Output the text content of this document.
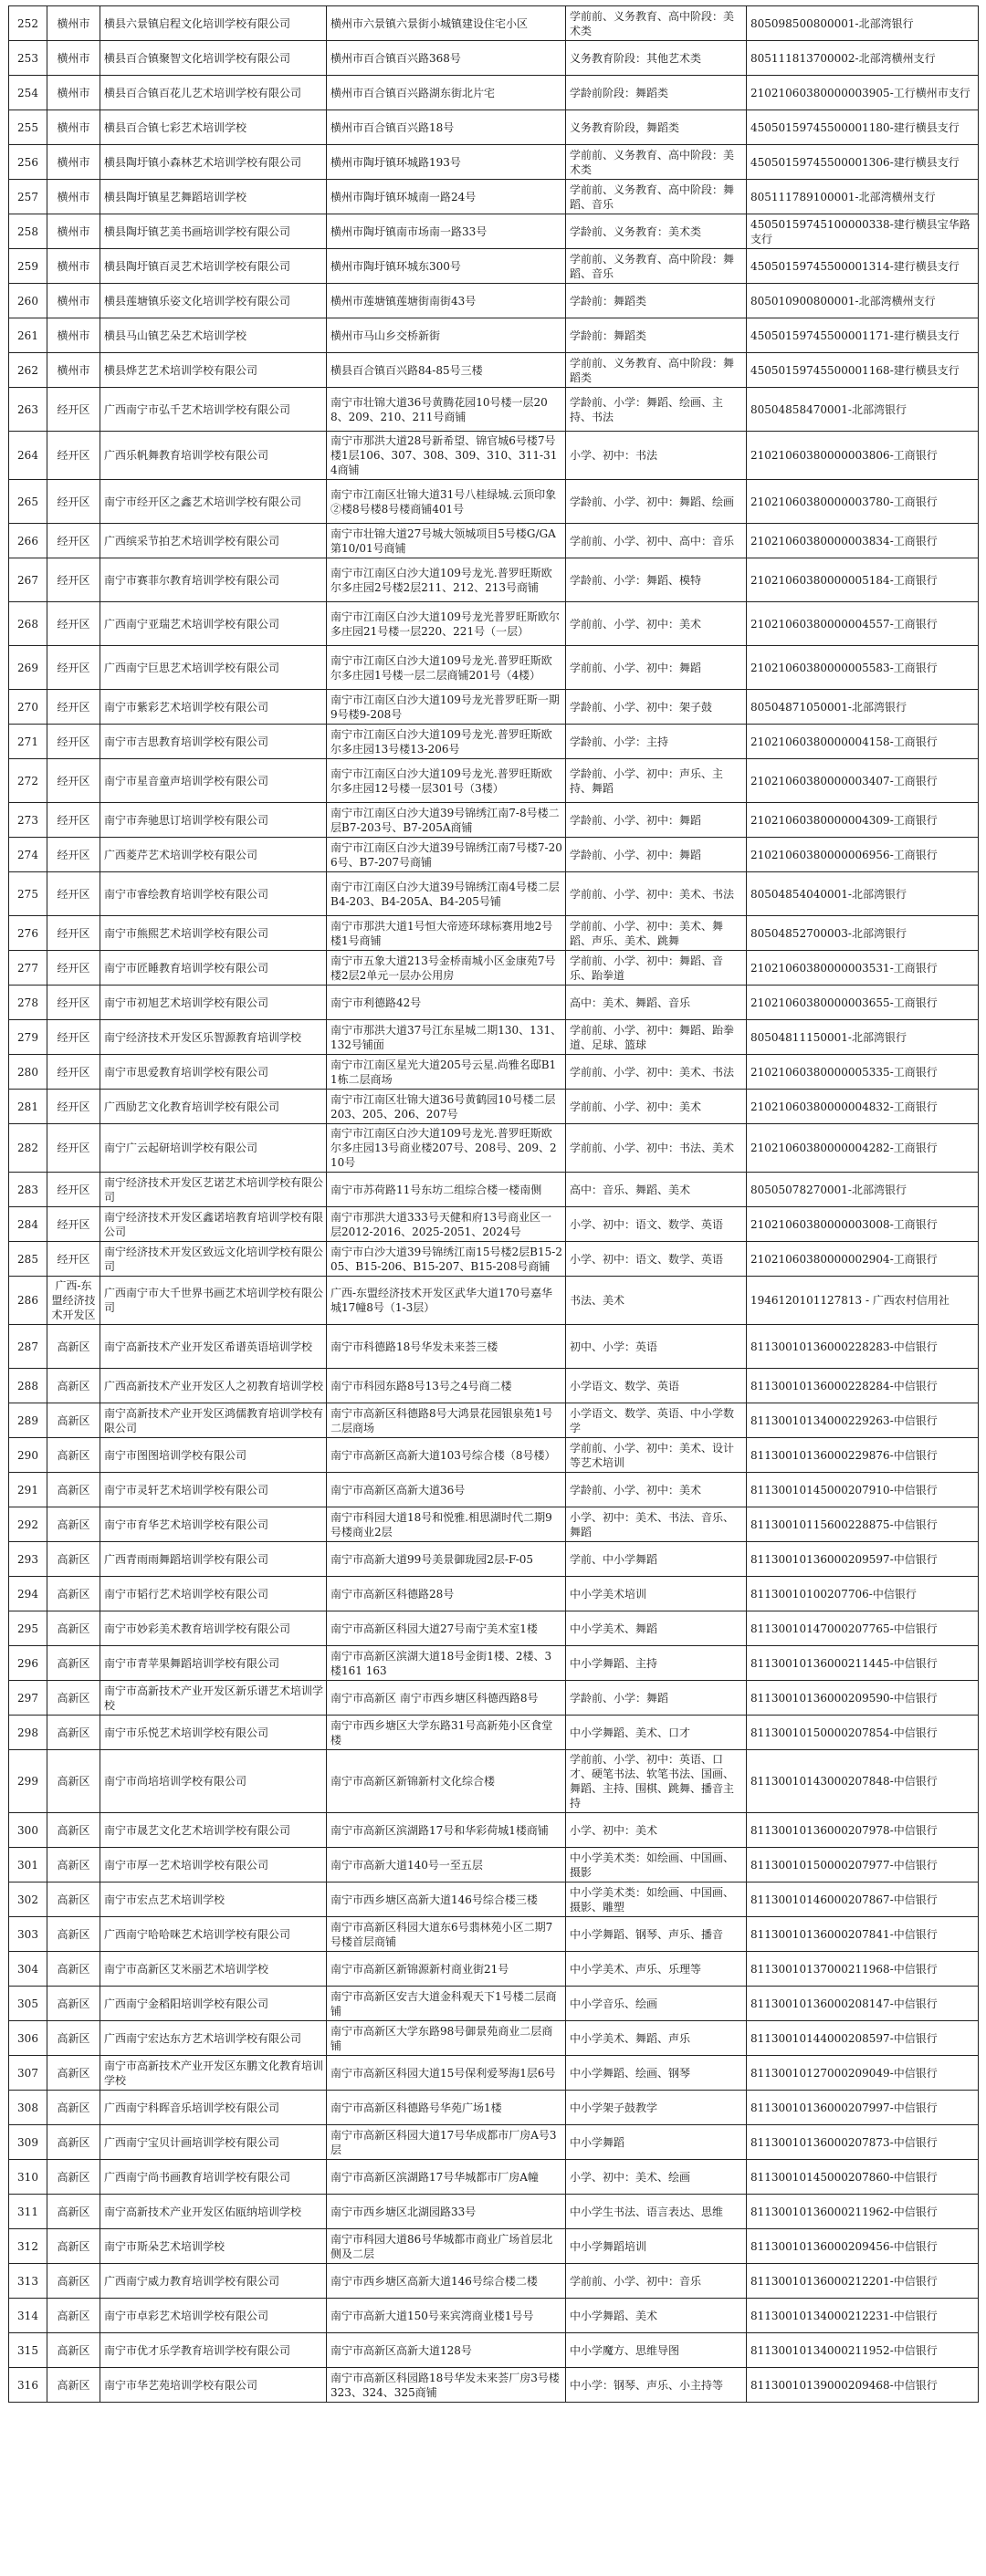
252	横州市	横县六景镇启程文化培训学校有限公司	横州市六景镇六景街小城镇建设住宅小区	学前前、义务教育、高中阶段：美术类	805098500800001-北部湾银行
253	横州市	横县百合镇聚智文化培训学校有限公司	横州市百合镇百兴路368号	义务教育阶段：其他艺术类	805111813700002-北部湾横州支行
254	横州市	横县百合镇百花儿艺术培训学校有限公司	横州市百合镇百兴路湖东街北片宅	学龄前阶段：舞蹈类	21021060380000003905-工行横州市支行
255	横州市	横县百合镇七彩艺术培训学校	横州市百合镇百兴路18号	义务教育阶段，舞蹈类	45050159745500001180-建行横县支行
256	横州市	横县陶圩镇小森林艺术培训学校有限公司	横州市陶圩镇环城路193号	学前前、义务教育、高中阶段：美术类	45050159745500001306-建行横县支行
257	横州市	横县陶圩镇星艺舞蹈培训学校	横州市陶圩镇环城南一路24号	学前前、义务教育、高中阶段：舞蹈、音乐	805111789100001-北部湾横州支行
258	横州市	横县陶圩镇艺美书画培训学校有限公司	横州市陶圩镇南市场南一路33号	学龄前、义务教育：美术类	45050159745100000338-建行横县宝华路支行
259	横州市	横县陶圩镇百灵艺术培训学校有限公司	横州市陶圩镇环城东300号	学前前、义务教育、高中阶段：舞蹈、音乐	45050159745500001314-建行横县支行
260	横州市	横县莲塘镇乐姿文化培训学校有限公司	横州市莲塘镇莲塘街南街43号	学龄前：舞蹈类	805010900800001-北部湾横州支行
261	横州市	横县马山镇艺朵艺术培训学校	横州市马山乡交桥新街	学龄前：舞蹈类	45050159745500001171-建行横县支行
262	横州市	横县烨艺艺术培训学校有限公司	横县百合镇百兴路84-85号三楼	学前前、义务教育、高中阶段：舞蹈类	45050159745500001168-建行横县支行
263	经开区	广西南宁市弘千艺术培训学校有限公司	南宁市壮锦大道36号黄腾花园10号楼一层208、209、210、211号商铺	学龄前、小学：舞蹈、绘画、主持、书法	80504858470001-北部湾银行
264	经开区	广西乐帆舞教育培训学校有限公司	南宁市那洪大道28号新希望、锦官城6号楼7号楼1层106、307、308、309、310、311-314商铺	小学、初中：书法	21021060380000003806-工商银行
265	经开区	南宁市经开区之鑫艺术培训学校有限公司	南宁市江南区壮锦大道31号八桂绿城.云顶印象②楼8号楼8号楼商铺401号	学龄前、小学、初中：舞蹈、绘画	21021060380000003780-工商银行
266	经开区	广西缤采节拍艺术培训学校有限公司	南宁市壮锦大道27号城大领城项目5号楼G/GA第10/01号商铺	学前前、小学、初中、高中：音乐	21021060380000003834-工商银行
267	经开区	南宁市赛菲尔教育培训学校有限公司	南宁市江南区白沙大道109号龙光.普罗旺斯欧尔多庄园2号楼2层211、212、213号商铺	学龄前、小学：舞蹈、模特	21021060380000005184-工商银行
268	经开区	广西南宁亚瑞艺术培训学校有限公司	南宁市江南区白沙大道109号龙光普罗旺斯欧尔多庄园21号楼一层220、221号（一层）	学前前、小学、初中：美术	21021060380000004557-工商银行
269	经开区	广西南宁巨思艺术培训学校有限公司	南宁市江南区白沙大道109号龙光.普罗旺斯欧尔多庄园1号楼一层二层商铺201号（4楼）	学前前、小学、初中：舞蹈	21021060380000005583-工商银行
270	经开区	南宁市紫彩艺术培训学校有限公司	南宁市江南区白沙大道109号龙光普罗旺斯一期9号楼9-208号	学龄前、小学、初中：架子鼓	80504871050001-北部湾银行
271	经开区	南宁市吉思教育培训学校有限公司	南宁市江南区白沙大道109号龙光.普罗旺斯欧尔多庄园13号楼13-206号	学龄前、小学：主持	21021060380000004158-工商银行
272	经开区	南宁市星音童声培训学校有限公司	南宁市江南区白沙大道109号龙光.普罗旺斯欧尔多庄园12号楼一层301号（3楼）	学龄前、小学、初中：声乐、主持、舞蹈	21021060380000003407-工商银行
273	经开区	南宁市奔驰思订培训学校有限公司	南宁市江南区白沙大道39号锦绣江南7-8号楼二层B7-203号、B7-205A商铺	学龄前、小学、初中：舞蹈	21021060380000004309-工商银行
274	经开区	广西菱芹艺术培训学校有限公司	南宁市江南区白沙大道39号锦绣江南7号楼7-206号、B7-207号商铺	学龄前、小学、初中：舞蹈	21021060380000006956-工商银行
275	经开区	南宁市睿绘教育培训学校有限公司	南宁市江南区白沙大道39号锦绣江南4号楼二层B4-203、B4-205A、B4-205号铺	学前前、小学、初中：美术、书法	80504854040001-北部湾银行
276	经开区	南宁市熊熙艺术培训学校有限公司	南宁市那洪大道1号恒大帝迹环球标赛用地2号楼1号商铺	学前前、小学、初中：美术、舞蹈、声乐、美术、跳舞	80504852700003-北部湾银行
277	经开区	南宁市匠睡教育培训学校有限公司	南宁市五象大道213号金桥南城小区金康苑7号楼2层2单元一层办公用房	学前前、小学、初中：舞蹈、音乐、跆拳道	21021060380000003531-工商银行
278	经开区	南宁市初旭艺术培训学校有限公司	南宁市利德路42号	高中：美术、舞蹈、音乐	21021060380000003655-工商银行
279	经开区	南宁经济技术开发区乐智源教育培训学校	南宁市那洪大道37号江东星城二期130、131、132号铺面	学前前、小学、初中：舞蹈、跆拳道、足球、篮球	80504811150001-北部湾银行
280	经开区	南宁市思爱教育培训学校有限公司	南宁市江南区星光大道205号云星.尚雅名邸B11栋二层商场	学前前、小学、初中：美术、书法	21021060380000005335-工商银行
281	经开区	广西励艺文化教育培训学校有限公司	南宁市江南区壮锦大道36号黄鹤园10号楼二层203、205、206、207号	学前前、小学、初中：美术	21021060380000004832-工商银行
282	经开区	南宁广云起研培训学校有限公司	南宁市江南区白沙大道109号龙光.普罗旺斯欧尔多庄园13号商业楼207号、208号、209、210号	学前前、小学、初中：书法、美术	21021060380000004282-工商银行
283	经开区	南宁经济技术开发区艺诺艺术培训学校有限公司	南宁市苏荷路11号东坊二组综合楼一楼南侧	高中：音乐、舞蹈、美术	80505078270001-北部湾银行
284	经开区	南宁经济技术开发区鑫诺培教育培训学校有限公司	南宁市那洪大道333号天健和府13号商业区一层2012-2016、2025-2051、2024号	小学、初中：语文、数学、英语	21021060380000003008-工商银行
285	经开区	南宁经济技术开发区致远文化培训学校有限公司	南宁市白沙大道39号锦绣江南15号楼2层B15-205、B15-206、B15-207、B15-208号商铺	小学、初中：语文、数学、英语	21021060380000002904-工商银行
286	广西-东盟经济技术开发区	广西南宁市大千世界书画艺术培训学校有限公司	广西-东盟经济技术开发区武华大道170号嘉华城17幢8号（1-3层）	书法、美术	1946120101127813 - 广西农村信用社
287	高新区	南宁高新技术产业开发区希谱英语培训学校	南宁市科德路18号华发未来荟三楼	初中、小学：英语	81130010136000228283-中信银行
288	高新区	广西高新技术产业开发区人之初教育培训学校	南宁市科园东路8号13号之4号商二楼	小学语文、数学、英语	81130010136000228284-中信银行
289	高新区	南宁高新技术产业开发区鸿儒教育培训学校有限公司	南宁市高新区科德路8号大鸿景花园银泉苑1号二层商场	小学语文、数学、英语、中小学数学	81130010134000229263-中信银行
290	高新区	南宁市图图培训学校有限公司	南宁市高新区高新大道103号综合楼（8号楼）	学前前、小学、初中：美术、设计等艺术培训	81130010136000229876-中信银行
291	高新区	南宁市灵轩艺术培训学校有限公司	南宁市高新区高新大道36号	学龄前、小学、初中：美术	81130010145000207910-中信银行
292	高新区	南宁市育华艺术培训学校有限公司	南宁市科园大道18号和悦雅.相思湖时代二期9号楼商业2层	小学、初中：美术、书法、音乐、舞蹈	81130010115600228875-中信银行
293	高新区	广西青雨雨舞蹈培训学校有限公司	南宁市高新大道99号美景御珑园2层-F-05	学前、中小学舞蹈	81130010136000209597-中信银行
294	高新区	南宁市韬行艺术培训学校有限公司	南宁市高新区科德路28号	中小学美术培训	81130010100207706-中信银行
295	高新区	南宁市妙彩美术教育培训学校有限公司	南宁市高新区科园大道27号南宁美术室1楼	中小学美术、舞蹈	81130010147000207765-中信银行
296	高新区	南宁市青苹果舞蹈培训学校有限公司	南宁市高新区滨湖大道18号金街1楼、2楼、3楼161 163	中小学舞蹈、主持	81130010136000211445-中信银行
297	高新区	南宁市高新技术产业开发区新乐谱艺术培训学校	南宁市高新区 南宁市西乡塘区科德西路8号	学龄前、小学：舞蹈	81130010136000209590-中信银行
298	高新区	南宁市乐悦艺术培训学校有限公司	南宁市西乡塘区大学东路31号高新苑小区食堂楼	中小学舞蹈、美术、口才	81130010150000207854-中信银行
299	高新区	南宁市尚培培训学校有限公司	南宁市高新区新锦新村文化综合楼	学前前、小学、初中：英语、口才、硬笔书法、软笔书法、国画、舞蹈、主持、围棋、跳舞、播音主持	81130010143000207848-中信银行
300	高新区	南宁市晟艺文化艺术培训学校有限公司	南宁市高新区滨湖路17号和华彩荷城1楼商铺	小学、初中：美术	81130010136000207978-中信银行
301	高新区	南宁市厚一艺术培训学校有限公司	南宁市高新大道140号一至五层	中小学美术类：如绘画、中国画、摄影	81130010150000207977-中信银行
302	高新区	南宁市宏点艺术培训学校	南宁市西乡塘区高新大道146号综合楼三楼	中小学美术类：如绘画、中国画、摄影、雕塑	81130010146000207867-中信银行
303	高新区	广西南宁哈哈咪艺术培训学校有限公司	南宁市高新区科园大道东6号翡林苑小区二期7号楼首层商铺	中小学舞蹈、钢琴、声乐、播音	81130010136000207841-中信银行
304	高新区	南宁市高新区艾米丽艺术培训学校	南宁市高新区新锦源新村商业街21号	中小学美术、声乐、乐理等	81130010137000211968-中信银行
305	高新区	广西南宁金稻阳培训学校有限公司	南宁市高新区安吉大道金科观天下1号楼二层商铺	中小学音乐、绘画	81130010136000208147-中信银行
306	高新区	广西南宁宏达东方艺术培训学校有限公司	南宁市高新区大学东路98号御景苑商业二层商铺	中小学美术、舞蹈、声乐	81130010144000208597-中信银行
307	高新区	南宁市高新技术产业开发区东鹏文化教育培训学校	南宁市高新区科园大道15号保利爱琴海1层6号	中小学舞蹈、绘画、钢琴	81130010127000209049-中信银行
308	高新区	广西南宁科晖音乐培训学校有限公司	南宁市高新区科德路号华苑广场1楼	中小学架子鼓教学	81130010136000207997-中信银行
309	高新区	广西南宁宝贝计画培训学校有限公司	南宁市高新区科园大道17号华成都市厂房A号3层	中小学舞蹈	81130010136000207873-中信银行
310	高新区	广西南宁尚书画教育培训学校有限公司	南宁市高新区滨湖路17号华城都市厂房A幢	小学、初中：美术、绘画	81130010145000207860-中信银行
311	高新区	南宁高新技术产业开发区佑瓯纳培训学校	南宁市西乡塘区北湖园路33号	中小学生书法、语言表达、思维	81130010136000211962-中信银行
312	高新区	南宁市斯朵艺术培训学校	南宁市科园大道86号华城都市商业广场首层北侧及二层	中小学舞蹈培训	81130010136000209456-中信银行
313	高新区	广西南宁威力教育培训学校有限公司	南宁市西乡塘区高新大道146号综合楼二楼	学前前、小学、初中：音乐	81130010136000212201-中信银行
314	高新区	南宁市卓彩艺术培训学校有限公司	南宁市高新大道150号来宾湾商业楼1号号	中小学舞蹈、美术	81130010134000212231-中信银行
315	高新区	南宁市优才乐学教育培训学校有限公司	南宁市高新区高新大道128号	中小学魔方、思维导图	81130010134000211952-中信银行
316	高新区	南宁市华艺苑培训学校有限公司	南宁市高新区科园路18号华发未来荟厂房3号楼323、324、325商铺	中小学：钢琴、声乐、小主持等	81130010139000209468-中信银行
